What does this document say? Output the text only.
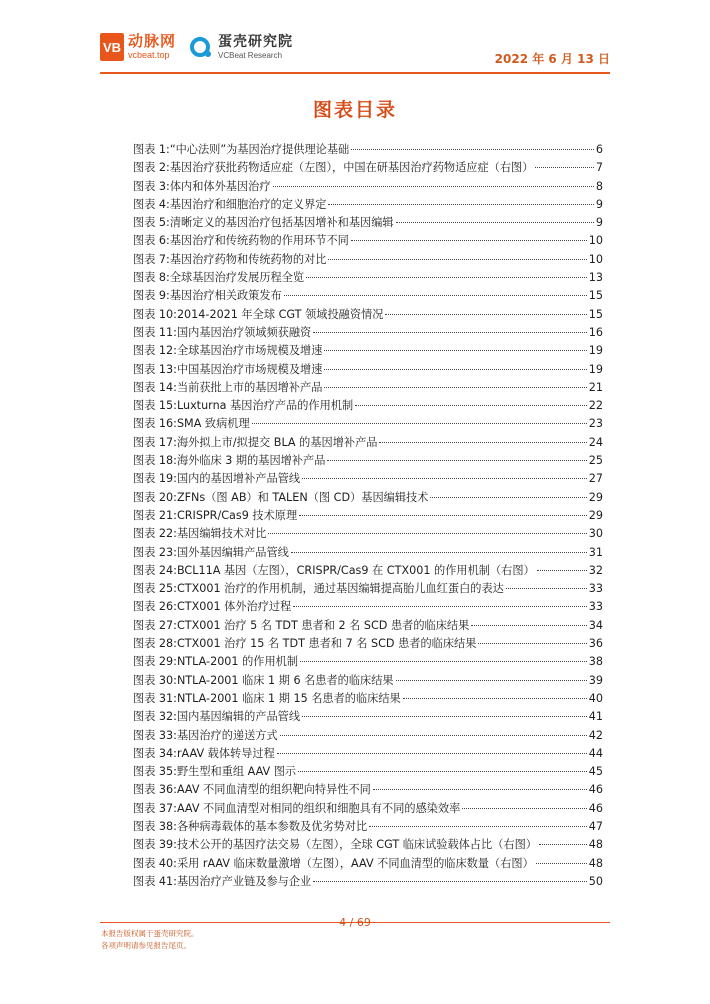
VB 动脉网
vcbeat.top
蛋壳研究院
VCBeat Research	2022 年 6 月 13 日
图表目录
图表 1: “中心法则”为基因治疗提供理论基础	6
图表 2: 基因治疗获批药物适应症（左图），中国在研基因治疗药物适应症（右图）	7
图表 3: 体内和体外基因治疗	8
图表 4: 基因治疗和细胞治疗的定义界定	9
图表 5: 清晰定义的基因治疗包括基因增补和基因编辑	9
图表 6: 基因治疗和传统药物的作用环节不同	10
图表 7: 基因治疗药物和传统药物的对比	10
图表 8: 全球基因治疗发展历程全览	13
图表 9: 基因治疗相关政策发布	15
图表 10: 2014-2021 年全球 CGT 领域投融资情况	15
图表 11: 国内基因治疗领域频获融资	16
图表 12: 全球基因治疗市场规模及增速	19
图表 13: 中国基因治疗市场规模及增速	19
图表 14: 当前获批上市的基因增补产品	21
图表 15: Luxturna 基因治疗产品的作用机制	22
图表 16: SMA 致病机理	23
图表 17: 海外拟上市/拟提交 BLA 的基因增补产品	24
图表 18: 海外临床 3 期的基因增补产品	25
图表 19: 国内的基因增补产品管线	27
图表 20: ZFNs（图 AB）和 TALEN（图 CD）基因编辑技术	29
图表 21: CRISPR/Cas9 技术原理	29
图表 22: 基因编辑技术对比	30
图表 23: 国外基因编辑产品管线	31
图表 24: BCL11A 基因（左图），CRISPR/Cas9 在 CTX001 的作用机制（右图）	32
图表 25: CTX001 治疗的作用机制，通过基因编辑提高胎儿血红蛋白的表达	33
图表 26: CTX001 体外治疗过程	33
图表 27: CTX001 治疗 5 名 TDT 患者和 2 名 SCD 患者的临床结果	34
图表 28: CTX001 治疗 15 名 TDT 患者和 7 名 SCD 患者的临床结果	36
图表 29: NTLA-2001 的作用机制	38
图表 30: NTLA-2001 临床 1 期 6 名患者的临床结果	39
图表 31: NTLA-2001 临床 1 期 15 名患者的临床结果	40
图表 32: 国内基因编辑的产品管线	41
图表 33: 基因治疗的递送方式	42
图表 34: rAAV 载体转导过程	44
图表 35: 野生型和重组 AAV 图示	45
图表 36: AAV 不同血清型的组织靶向特异性不同	46
图表 37: AAV 不同血清型对相同的组织和细胞具有不同的感染效率	46
图表 38: 各种病毒载体的基本参数及优劣势对比	47
图表 39: 技术公开的基因疗法交易（左图），全球 CGT 临床试验载体占比（右图）	48
图表 40: 采用 rAAV 临床数量激增（左图），AAV 不同血清型的临床数量（右图）	48
图表 41: 基因治疗产业链及参与企业	50
4 / 69
本报告版权属于蛋壳研究院。
各项声明请参见报告尾页。
